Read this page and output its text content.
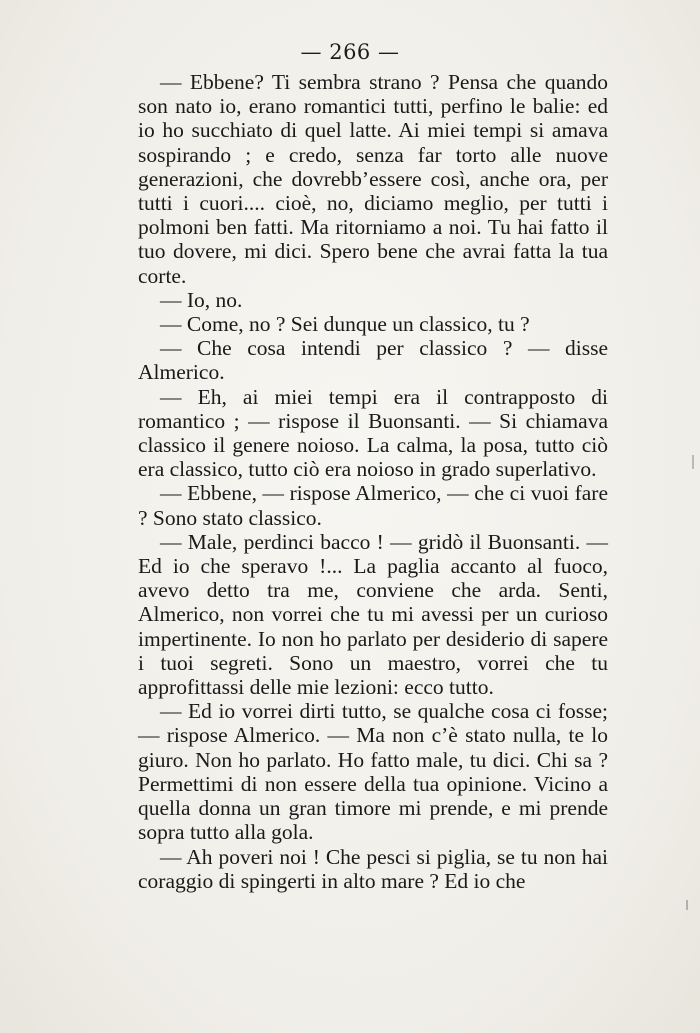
— 266 —

— Ebbene? Ti sembra strano ? Pensa che quando son nato io, erano romantici tutti, perfino le balie: ed io ho succhiato di quel latte. Ai miei tempi si amava sospirando ; e credo, senza far torto alle nuove generazioni, che dovrebb’essere così, anche ora, per tutti i cuori.... cioè, no, diciamo meglio, per tutti i polmoni ben fatti. Ma ritorniamo a noi. Tu hai fatto il tuo dovere, mi dici. Spero bene che avrai fatta la tua corte.

— Io, no.

— Come, no ? Sei dunque un classico, tu ?

— Che cosa intendi per classico ? — disse Almerico.

— Eh, ai miei tempi era il contrapposto di romantico ; — rispose il Buonsanti. — Si chiamava classico il genere noioso. La calma, la posa, tutto ciò era classico, tutto ciò era noioso in grado superlativo.

— Ebbene, — rispose Almerico, — che ci vuoi fare ? Sono stato classico.

— Male, perdinci bacco ! — gridò il Buonsanti. — Ed io che speravo !... La paglia accanto al fuoco, avevo detto tra me, conviene che arda. Senti, Almerico, non vorrei che tu mi avessi per un curioso impertinente. Io non ho parlato per desiderio di sapere i tuoi segreti. Sono un maestro, vorrei che tu approfittassi delle mie lezioni: ecco tutto.

— Ed io vorrei dirti tutto, se qualche cosa ci fosse; — rispose Almerico. — Ma non c’è stato nulla, te lo giuro. Non ho parlato. Ho fatto male, tu dici. Chi sa ? Permettimi di non essere della tua opinione. Vicino a quella donna un gran timore mi prende, e mi prende sopra tutto alla gola.

— Ah poveri noi ! Che pesci si piglia, se tu non hai coraggio di spingerti in alto mare ? Ed io che
